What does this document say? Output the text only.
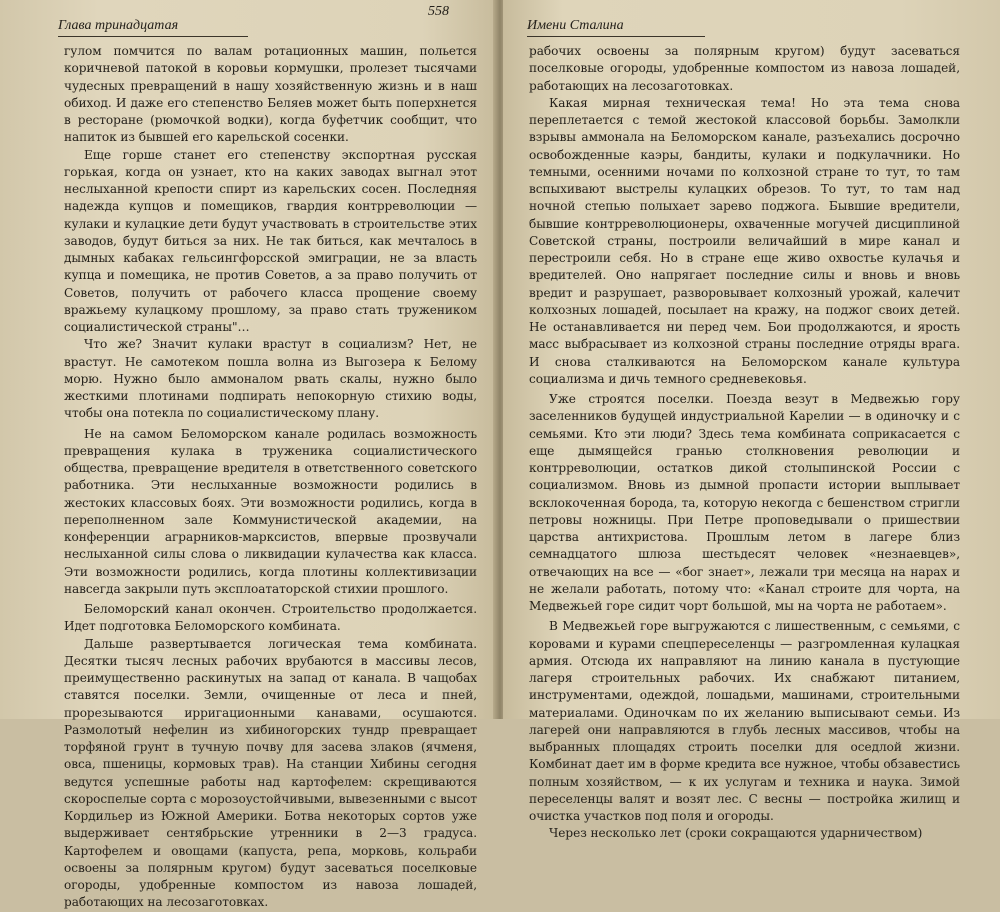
Глава тринадцатая
558

гулом помчится по валам ротационных машин, польется коричневой патокой в коровьи кормушки, пролезет тысячами чудесных превращений в нашу хозяйственную жизнь и в наш обиход. И даже его степенство Беляев может быть поперхнется в ресторане (рюмочкой водки), когда буфетчик сообщит, что напиток из бывшей его карельской сосенки.

Еще горше станет его степенству экспортная русская горькая, когда он узнает, кто на каких заводах выгнал этот неслыханной крепости спирт из карельских сосен. Последняя надежда купцов и помещиков, гвардия контрреволюции — кулаки и кулацкие дети будут участвовать в строительстве этих заводов, будут биться за них. Не так биться, как мечталось в дымных кабаках гельсингфорсской эмиграции, не за власть купца и помещика, не против Советов, а за право получить от Советов, получить от рабочего класса прощение своему вражьему кулацкому прошлому, за право стать тружеником социалистической страны"…

Что же? Значит кулаки врастут в социализм? Нет, не врастут. Не самотеком пошла волна из Выгозера к Белому морю. Нужно было аммоналом рвать скалы, нужно было жесткими плотинами подпирать непокорную стихию воды, чтобы она потекла по социалистическому плану.

Не на самом Беломорском канале родилась возможность превращения кулака в труженика социалистического общества, превращение вредителя в ответственного советского работника. Эти неслыханные возможности родились в жестоких классовых боях. Эти возможности родились, когда в переполненном зале Коммунистической академии, на конференции аграрников-марксистов, впервые прозвучали неслыханной силы слова о ликвидации кулачества как класса. Эти возможности родились, когда плотины коллективизации навсегда закрыли путь эксплоататорской стихии прошлого.

Беломорский канал окончен. Строительство продолжается. Идет подготовка Беломорского комбината.

Дальше развертывается логическая тема комбината. Десятки тысяч лесных рабочих врубаются в массивы лесов, преимущественно раскинутых на запад от канала. В чащобах ставятся поселки. Земли, очищенные от леса и пней, прорезываются ирригационными канавами, осушаются. Размолотый нефелин из хибиногорских тундр превращает торфяной грунт в тучную почву для засева злаков (ячменя, овса, пшеницы, кормовых трав). На станции Хибины сегодня ведутся успешные работы над картофелем: скрещиваются скороспелые сорта с морозоустойчивыми, вывезенными с высот Кордильер из Южной Америки. Ботва некоторых сортов уже выдерживает сентябрьские утренники в 2—3 градуса. Картофелем и овощами (капуста, репа, морковь, кольраби освоены за полярным кругом) будут засеваться поселковые огороды, удобренные компостом из навоза лошадей, работающих на лесозаготовках.

Имени Сталина

рабочих освоены за полярным кругом) будут засеваться поселковые огороды, удобренные компостом из навоза лошадей, работающих на лесозаготовках.

Какая мирная техническая тема! Но эта тема снова переплетается с темой жестокой классовой борьбы. Замолкли взрывы аммонала на Беломорском канале, разъехались досрочно освобожденные каэры, бандиты, кулаки и подкулачники. Но темными, осенними ночами по колхозной стране то тут, то там вспыхивают выстрелы кулацких обрезов. То тут, то там над ночной степью полыхает зарево поджога. Бывшие вредители, бывшие контрреволюционеры, охваченные могучей дисциплиной Советской страны, построили величайший в мире канал и перестроили себя. Но в стране еще живо охвостье кулачья и вредителей. Оно напрягает последние силы и вновь и вновь вредит и разрушает, разворовывает колхозный урожай, калечит колхозных лошадей, посылает на кражу, на поджог своих детей. Не останавливается ни перед чем. Бои продолжаются, и ярость масс выбрасывает из колхозной страны последние отряды врага. И снова сталкиваются на Беломорском канале культура социализма и дичь темного средневековья.

Уже строятся поселки. Поезда везут в Медвежью гору заселенников будущей индустриальной Карелии — в одиночку и с семьями. Кто эти люди? Здесь тема комбината соприкасается с еще дымящейся гранью столкновения революции и контрреволюции, остатков дикой столыпинской России с социализмом. Вновь из дымной пропасти истории выплывает всклокоченная борода, та, которую некогда с бешенством стригли петровы ножницы. При Петре проповедывали о пришествии царства антихристова. Прошлым летом в лагере близ семнадцатого шлюза шестьдесят человек «незнаевцев», отвечающих на все — «бог знает», лежали три месяца на нарах и не желали работать, потому что: «Канал строите для чорта, на Медвежьей горе сидит чорт большой, мы на чорта не работаем».

В Медвежьей горе выгружаются с лишественным, с семьями, с коровами и курами спецпереселенцы — разгромленная кулацкая армия. Отсюда их направляют на линию канала в пустующие лагеря строительных рабочих. Их снабжают питанием, инструментами, одеждой, лошадьми, машинами, строительными материалами. Одиночкам по их желанию выписывают семьи. Из лагерей они направляются в глубь лесных массивов, чтобы на выбранных площадях строить поселки для оседлой жизни. Комбинат дает им в форме кредита все нужное, чтобы обзавестись полным хозяйством, — к их услугам и техника и наука. Зимой переселенцы валят и возят лес. С весны — постройка жилищ и очистка участков под поля и огороды.

Через несколько лет (сроки сокращаются ударничеством)
